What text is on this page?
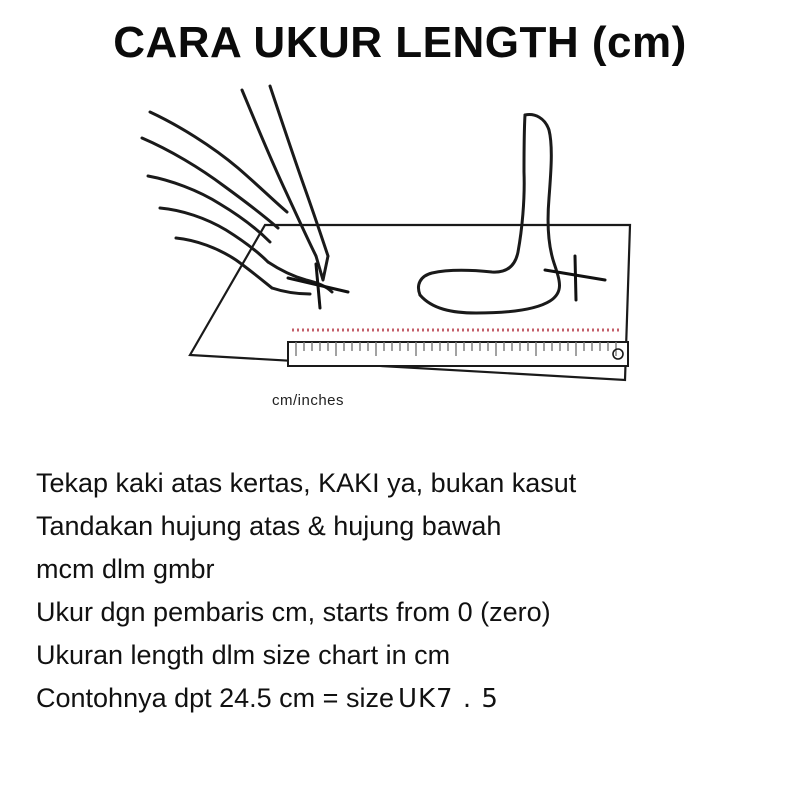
CARA UKUR LENGTH (cm)
cm/inches
Tekap kaki atas kertas, KAKI ya, bukan kasut
Tandakan hujung atas & hujung bawah
mcm dlm gmbr
Ukur dgn pembaris cm, starts from 0 (zero)
Ukuran length dlm size chart in cm
Contohnya dpt 24.5 cm = size UK7 . 5
